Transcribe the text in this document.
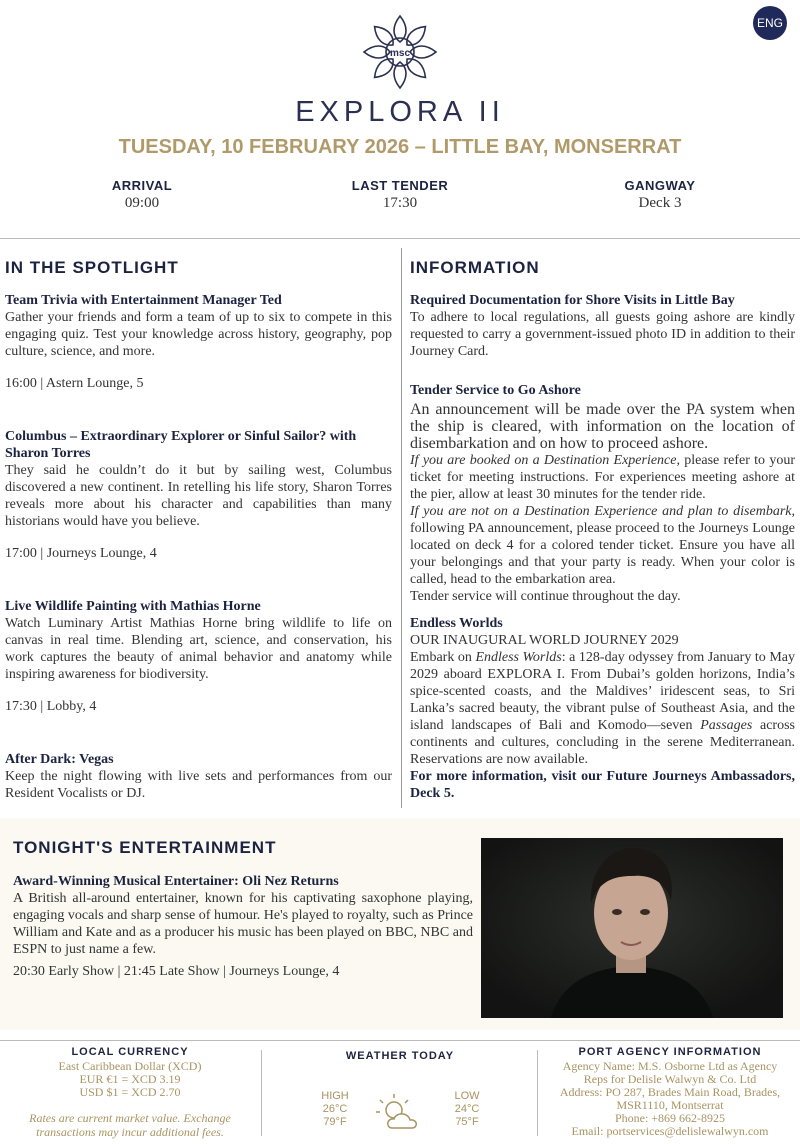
ENG
msc
EXPLORA II
TUESDAY, 10 FEBRUARY 2026 – LITTLE BAY, MONSERRAT
ARRIVAL
09:00
LAST TENDER
17:30
GANGWAY
Deck 3
IN THE SPOTLIGHT
Team Trivia with Entertainment Manager Ted
Gather your friends and form a team of up to six to compete in this engaging quiz. Test your knowledge across history, geography, pop culture, science, and more.
16:00 | Astern Lounge, 5
Columbus – Extraordinary Explorer or Sinful Sailor? with Sharon Torres
They said he couldn’t do it but by sailing west, Columbus discovered a new continent. In retelling his life story, Sharon Torres reveals more about his character and capabilities than many historians would have you believe.
17:00 | Journeys Lounge, 4
Live Wildlife Painting with Mathias Horne
Watch Luminary Artist Mathias Horne bring wildlife to life on canvas in real time. Blending art, science, and conservation, his work captures the beauty of animal behavior and anatomy while inspiring awareness for biodiversity.
17:30 | Lobby, 4
After Dark: Vegas
Keep the night flowing with live sets and performances from our Resident Vocalists or DJ.
INFORMATION
Required Documentation for Shore Visits in Little Bay
To adhere to local regulations, all guests going ashore are kindly requested to carry a government-issued photo ID in addition to their Journey Card.
Tender Service to Go Ashore
An announcement will be made over the PA system when the ship is cleared, with information on the location of disembarkation and on how to proceed ashore.
If you are booked on a Destination Experience, please refer to your ticket for meeting instructions. For experiences meeting ashore at the pier, allow at least 30 minutes for the tender ride.
If you are not on a Destination Experience and plan to disembark, following PA announcement, please proceed to the Journeys Lounge located on deck 4 for a colored tender ticket. Ensure you have all your belongings and that your party is ready. When your color is called, head to the embarkation area.
Tender service will continue throughout the day.
Endless Worlds
OUR INAUGURAL WORLD JOURNEY 2029
Embark on Endless Worlds: a 128-day odyssey from January to May 2029 aboard EXPLORA I. From Dubai’s golden horizons, India’s spice-scented coasts, and the Maldives’ iridescent seas, to Sri Lanka’s sacred beauty, the vibrant pulse of Southeast Asia, and the island landscapes of Bali and Komodo—seven Passages across continents and cultures, concluding in the serene Mediterranean. Reservations are now available.
For more information, visit our Future Journeys Ambassadors, Deck 5.
TONIGHT'S ENTERTAINMENT
Award-Winning Musical Entertainer: Oli Nez Returns
A British all-around entertainer, known for his captivating saxophone playing, engaging vocals and sharp sense of humour. He's played to royalty, such as Prince William and Kate and as a producer his music has been played on BBC, NBC and ESPN to just name a few.
20:30 Early Show | 21:45 Late Show | Journeys Lounge, 4
LOCAL CURRENCY
East Caribbean Dollar (XCD)
EUR €1 = XCD 3.19
USD $1 = XCD 2.70
Rates are current market value. Exchange transactions may incur additional fees.
WEATHER TODAY
HIGH
26°C
79°F
LOW
24°C
75°F
PORT AGENCY INFORMATION
Agency Name: M.S. Osborne Ltd as Agency
Reps for Delisle Walwyn & Co. Ltd
Address: PO 287, Brades Main Road, Brades,
MSR1110, Montserrat
Phone: +869 662-8925
Email: portservices@delislewalwyn.com
